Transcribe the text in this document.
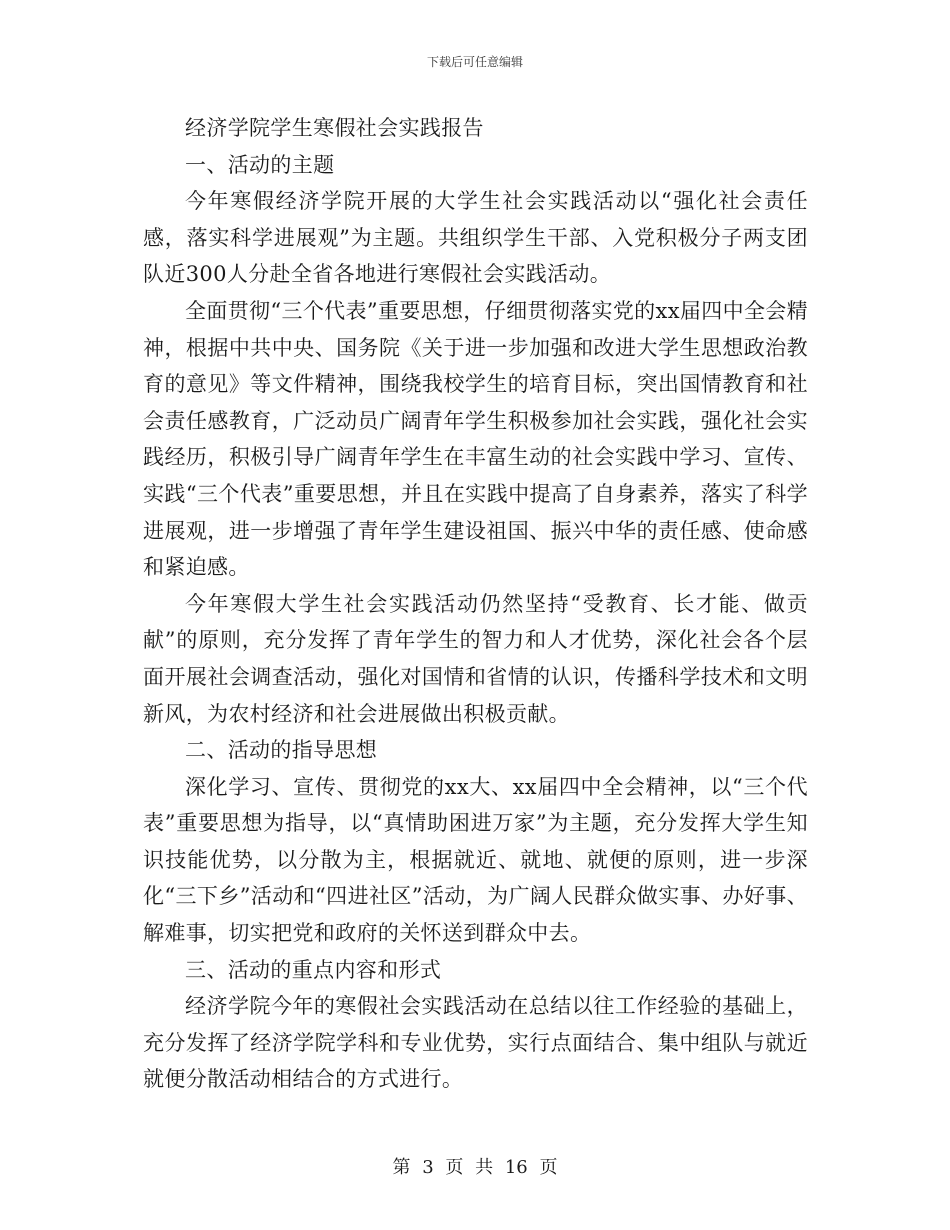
下载后可任意编辑

经济学院学生寒假社会实践报告

一、活动的主题

今年寒假经济学院开展的大学生社会实践活动以“强化社会责任感，落实科学进展观”为主题。共组织学生干部、入党积极分子两支团队近300人分赴全省各地进行寒假社会实践活动。

全面贯彻“三个代表”重要思想，仔细贯彻落实党的xx届四中全会精神，根据中共中央、国务院《关于进一步加强和改进大学生思想政治教育的意见》等文件精神，围绕我校学生的培育目标，突出国情教育和社会责任感教育，广泛动员广阔青年学生积极参加社会实践，强化社会实践经历，积极引导广阔青年学生在丰富生动的社会实践中学习、宣传、实践“三个代表”重要思想，并且在实践中提高了自身素养，落实了科学进展观，进一步增强了青年学生建设祖国、振兴中华的责任感、使命感和紧迫感。

今年寒假大学生社会实践活动仍然坚持“受教育、长才能、做贡献”的原则，充分发挥了青年学生的智力和人才优势，深化社会各个层面开展社会调查活动，强化对国情和省情的认识，传播科学技术和文明新风，为农村经济和社会进展做出积极贡献。

二、活动的指导思想

深化学习、宣传、贯彻党的xx大、xx届四中全会精神，以“三个代表”重要思想为指导，以“真情助困进万家”为主题，充分发挥大学生知识技能优势，以分散为主，根据就近、就地、就便的原则，进一步深化“三下乡”活动和“四进社区”活动，为广阔人民群众做实事、办好事、解难事，切实把党和政府的关怀送到群众中去。

三、活动的重点内容和形式

经济学院今年的寒假社会实践活动在总结以往工作经验的基础上，充分发挥了经济学院学科和专业优势，实行点面结合、集中组队与就近就便分散活动相结合的方式进行。

第 3 页 共 16 页
